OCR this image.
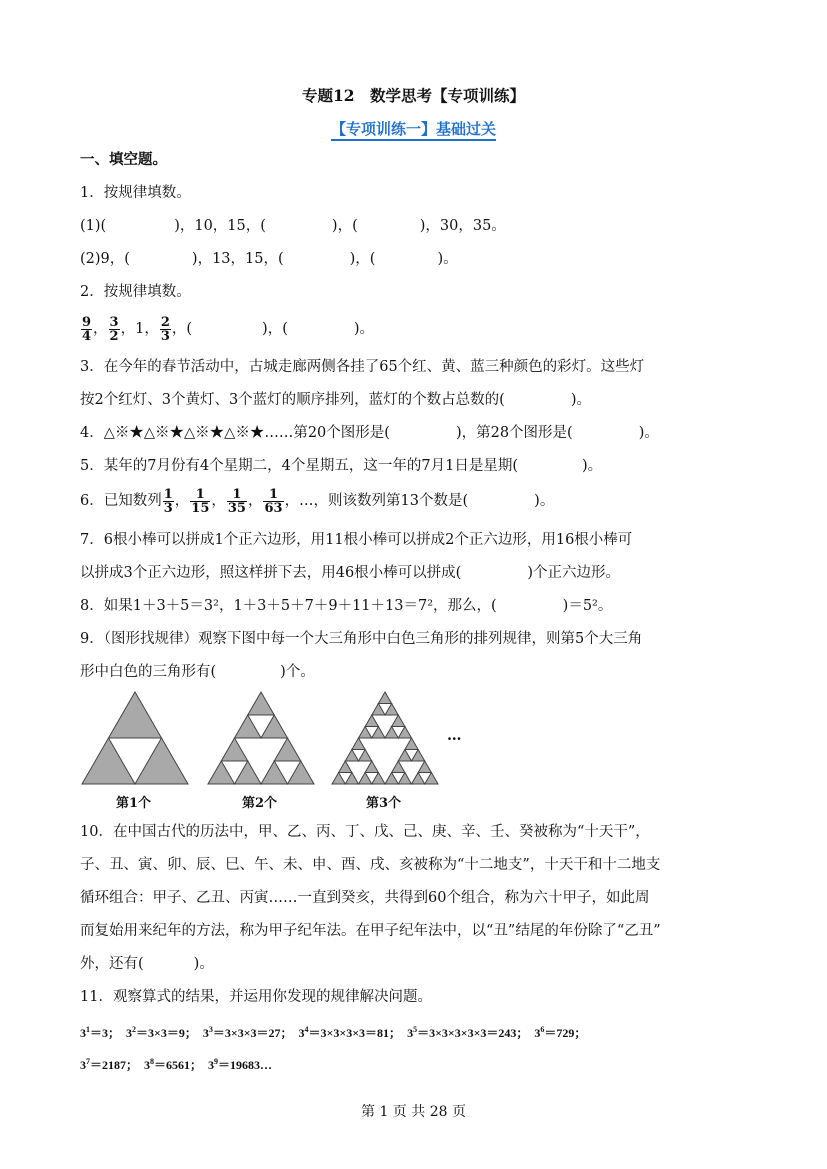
专题12　数学思考【专项训练】
【专项训练一】基础过关
一、填空题。
1．按规律填数。
(1)(	)，10，15，(	)，(	)，30，35。
(2)9，(	)，13，15，(	)，(	)。
2．按规律填数。
$\frac{9}{4}$ ， $\frac{3}{2}$ ，1， $\frac{2}{3}$ ，(	)，(	)。
3．在今年的春节活动中，古城走廊两侧各挂了65个红、黄、蓝三种颜色的彩灯。这些灯
按2个红灯、3个黄灯、3个蓝灯的顺序排列，蓝灯的个数占总数的(	)。
4．△※★△※★△※★△※★……第20个图形是(	)，第28个图形是(	)。
5．某年的7月份有4个星期二，4个星期五，这一年的7月1日是星期(	)。
6．已知数列 $\frac{1}{3}$ ， $\frac{1}{15}$ ， $\frac{1}{35}$ ， $\frac{1}{63}$ ，…，则该数列第13个数是(	)。
7．6根小棒可以拼成1个正六边形，用11根小棒可以拼成2个正六边形，用16根小棒可
以拼成3个正六边形，照这样拼下去，用46根小棒可以拼成(	)个正六边形。
8．如果1＋3＋5＝3²，1＋3＋5＋7＋9＋11＋13＝7²，那么，(	)＝5²。
9．（图形找规律）观察下图中每一个大三角形中白色三角形的排列规律，则第5个大三角
形中白色的三角形有(	)个。
…
第1个	第2个	第3个
10．在中国古代的历法中，甲、乙、丙、丁、戊、己、庚、辛、壬、癸被称为“十天干”，
子、丑、寅、卯、辰、巳、午、未、申、酉、戌、亥被称为“十二地支”，十天干和十二地支
循环组合：甲子、乙丑、丙寅……一直到癸亥，共得到60个组合，称为六十甲子，如此周
而复始用来纪年的方法，称为甲子纪年法。在甲子纪年法中，以“丑”结尾的年份除了“乙丑”
外，还有(	)。
11．观察算式的结果，并运用你发现的规律解决问题。
$3^1=3$； $3^2=3\times 3=9$； $3^3=3\times 3\times 3=27$； $3^4=3\times 3\times 3\times 3=81$； $3^5=3\times 3\times 3\times 3\times 3=243$； $3^6=729$；
$3^7=2187$； $3^8=6561$； $3^9=19683\dots$
第 1 页 共 28 页
